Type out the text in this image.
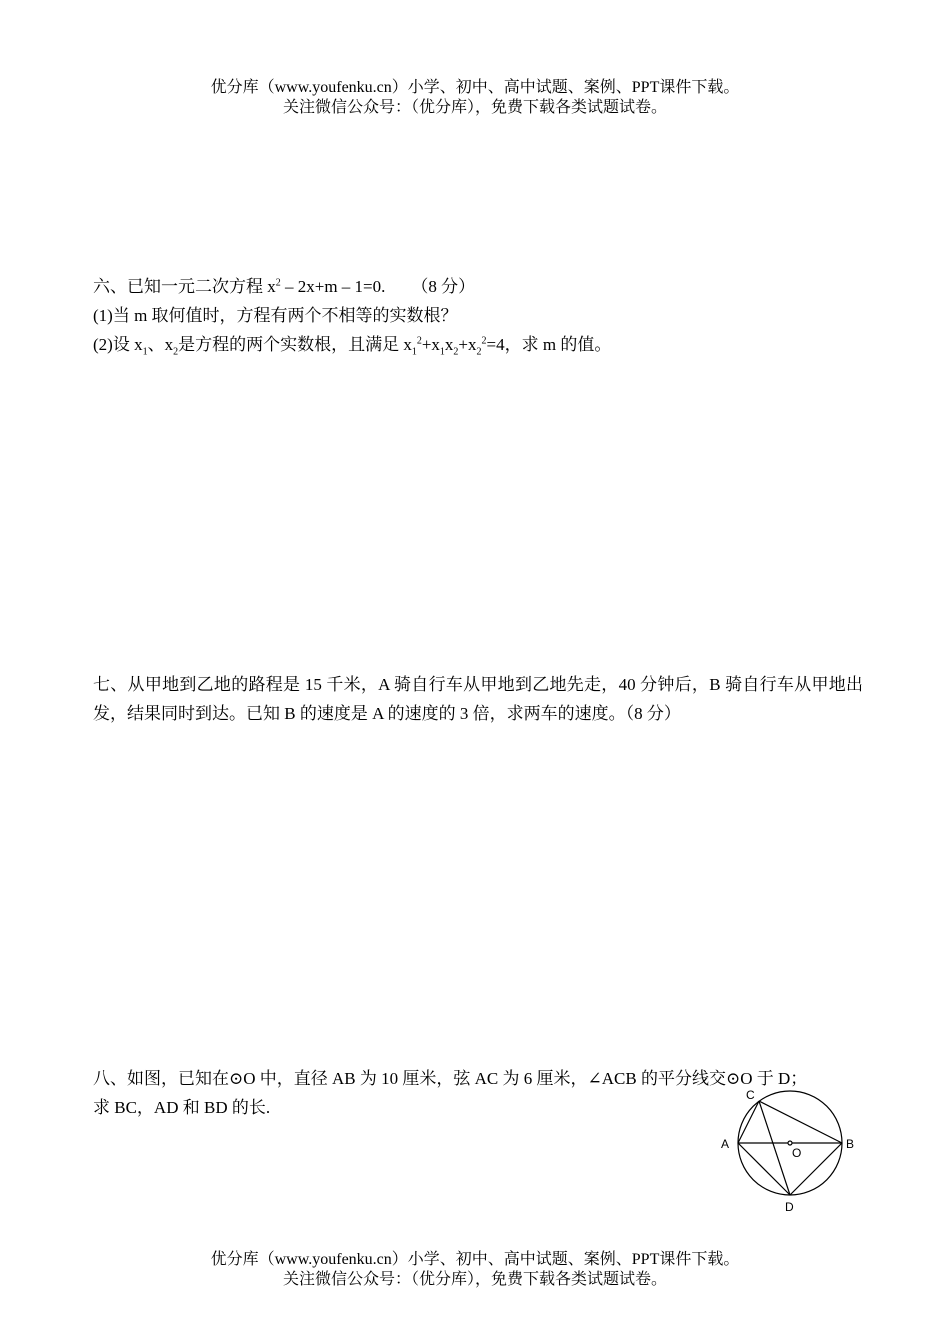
优分库（www.youfenku.cn）小学、初中、高中试题、案例、PPT课件下载。
关注微信公众号：（优分库），免费下载各类试题试卷。

六、已知一元二次方程 $x^2 - 2x+m - 1=0$. （8 分）

(1)当 m 取何值时，方程有两个不相等的实数根？

(2)设 $x_1$、$x_2$是方程的两个实数根，且满足 $x_1^2+x_1x_2+x_2^2=4$，求 m 的值。

七、从甲地到乙地的路程是 15 千米，A 骑自行车从甲地到乙地先走，40 分钟后，B 骑自行车从甲地出发，结果同时到达。已知 B 的速度是 A 的速度的 3 倍，求两车的速度。（8 分）

八、如图，已知在⊙O 中，直径 AB 为 10 厘米，弦 AC 为 6 厘米，∠ACB 的平分线交⊙O 于 D；

求 BC，AD 和 BD 的长.

A	B
C
D
O
优分库（www.youfenku.cn）小学、初中、高中试题、案例、PPT课件下载。
关注微信公众号：（优分库），免费下载各类试题试卷。
